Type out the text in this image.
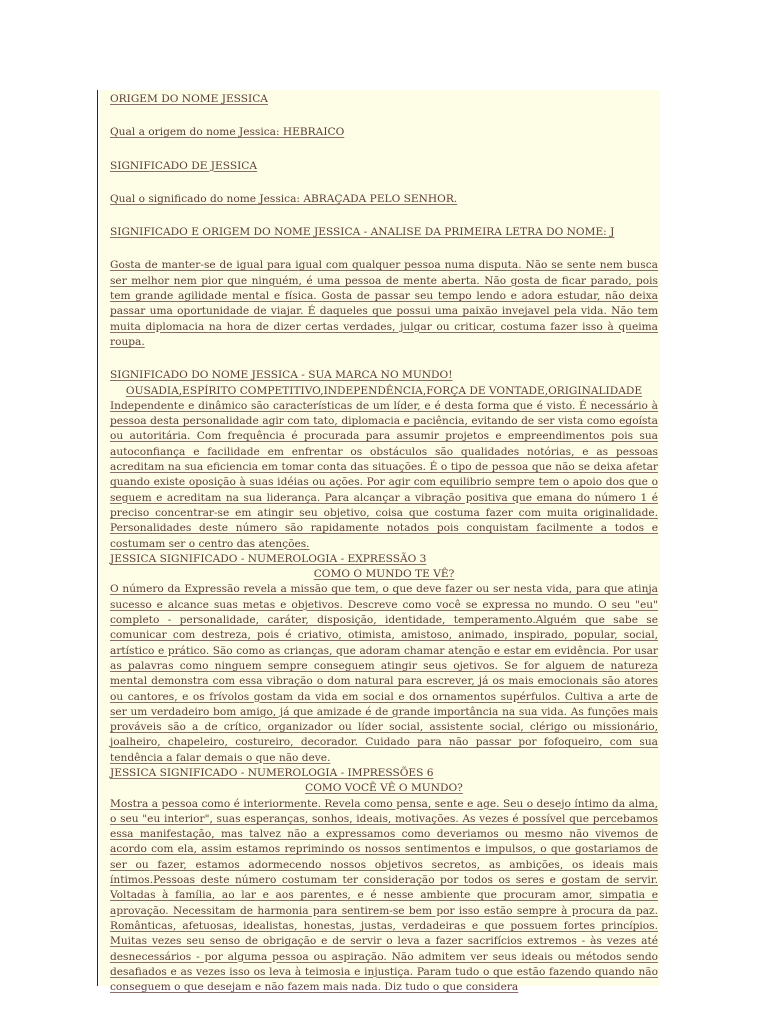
ORIGEM DO NOME JESSICA

Qual a origem do nome Jessica: HEBRAICO

SIGNIFICADO DE JESSICA

Qual o significado do nome Jessica: ABRAÇADA PELO SENHOR.

SIGNIFICADO E ORIGEM DO NOME JESSICA - ANALISE DA PRIMEIRA LETRA DO NOME: J

Gosta de manter-se de igual para igual com qualquer pessoa numa disputa. Não se sente nem busca ser melhor nem pior que ninguém, é uma pessoa de mente aberta. Não gosta de ficar parado, pois tem grande agilidade mental e física. Gosta de passar seu tempo lendo e adora estudar, não deixa passar uma oportunidade de viajar. É daqueles que possui uma paixão invejavel pela vida. Não tem muita diplomacia na hora de dizer certas verdades, julgar ou criticar, costuma fazer isso à queima roupa.

SIGNIFICADO DO NOME JESSICA - SUA MARCA NO MUNDO!

OUSADIA,ESPÍRITO COMPETITIVO,INDEPENDÊNCIA,FORÇA DE VONTADE,ORIGINALIDADE

Independente e dinâmico são características de um líder, e é desta forma que é visto. É necessário à pessoa desta personalidade agir com tato, diplomacia e paciência, evitando de ser vista como egoísta ou autoritária. Com frequência é procurada para assumir projetos e empreendimentos pois sua autoconfiança e facilidade em enfrentar os obstáculos são qualidades notórias, e as pessoas acreditam na sua eficiencia em tomar conta das situações. É o tipo de pessoa que não se deixa afetar quando existe oposição à suas idéias ou ações. Por agir com equilibrio sempre tem o apoio dos que o seguem e acreditam na sua liderança. Para alcançar a vibração positiva que emana do número 1 é preciso concentrar-se em atingir seu objetivo, coisa que costuma fazer com muita originalidade. Personalidades deste número são rapidamente notados pois conquistam facilmente a todos e costumam ser o centro das atenções.

JESSICA SIGNIFICADO - NUMEROLOGIA - EXPRESSÃO 3

COMO O MUNDO TE VÊ?

O número da Expressão revela a missão que tem, o que deve fazer ou ser nesta vida, para que atinja sucesso e alcance suas metas e objetivos. Descreve como você se expressa no mundo. O seu "eu" completo - personalidade, caráter, disposição, identidade, temperamento.Alguém que sabe se comunicar com destreza, pois é criativo, otimista, amistoso, animado, inspirado, popular, social, artístico e prático. São como as crianças, que adoram chamar atenção e estar em evidência. Por usar as palavras como ninguem sempre conseguem atingir seus ojetivos. Se for alguem de natureza mental demonstra com essa vibração o dom natural para escrever, já os mais emocionais são atores ou cantores, e os frívolos gostam da vida em social e dos ornamentos supérfulos. Cultiva a arte de ser um verdadeiro bom amigo, já que amizade é de grande importância na sua vida. As funções mais prováveis são a de crítico, organizador ou líder social, assistente social, clérigo ou missionário, joalheiro, chapeleiro, costureiro, decorador. Cuidado para não passar por fofoqueiro, com sua tendência a falar demais o que não deve.

JESSICA SIGNIFICADO - NUMEROLOGIA - IMPRESSÕES 6

COMO VOCÊ VÊ O MUNDO?

Mostra a pessoa como é interiormente. Revela como pensa, sente e age. Seu o desejo íntimo da alma, o seu "eu interior", suas esperanças, sonhos, ideais, motivações. As vezes é possível que percebamos essa manifestação, mas talvez não a expressamos como deveriamos ou mesmo não vivemos de acordo com ela, assim estamos reprimindo os nossos sentimentos e impulsos, o que gostariamos de ser ou fazer, estamos adormecendo nossos objetivos secretos, as ambições, os ideais mais íntimos.Pessoas deste número costumam ter consideração por todos os seres e gostam de servir. Voltadas à família, ao lar e aos parentes, e é nesse ambiente que procuram amor, simpatia e aprovação. Necessitam de harmonia para sentirem-se bem por isso estão sempre à procura da paz. Românticas, afetuosas, idealistas, honestas, justas, verdadeiras e que possuem fortes princípios. Muitas vezes seu senso de obrigação e de servir o leva a fazer sacrifícios extremos - às vezes até desnecessários - por alguma pessoa ou aspiração. Não admitem ver seus ideais ou métodos sendo desafiados e as vezes isso os leva à teimosia e injustiça. Param tudo o que estão fazendo quando não conseguem o que desejam e não fazem mais nada. Diz tudo o que considera
